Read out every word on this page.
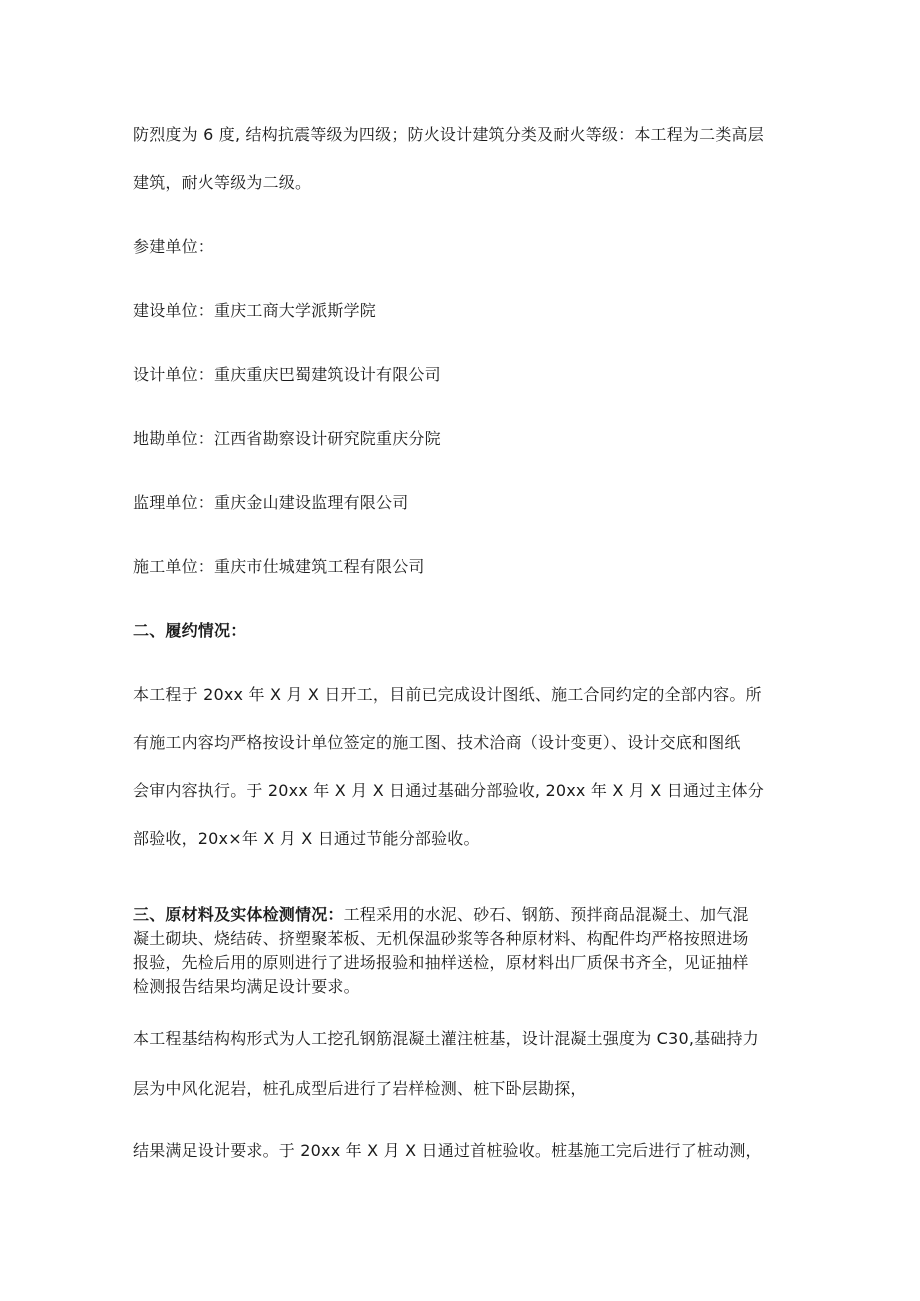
防烈度为 6 度, 结构抗震等级为四级；防火设计建筑分类及耐火等级：本工程为二类高层
建筑，耐火等级为二级。
参建单位：
建设单位：重庆工商大学派斯学院
设计单位：重庆重庆巴蜀建筑设计有限公司
地勘单位：江西省勘察设计研究院重庆分院
监理单位：重庆金山建设监理有限公司
施工单位：重庆市仕城建筑工程有限公司
二、履约情况：
本工程于 20xx 年 X 月 X 日开工，目前已完成设计图纸、施工合同约定的全部内容。所
有施工内容均严格按设计单位签定的施工图、技术洽商（设计变更）、设计交底和图纸
会审内容执行。于 20xx 年 X 月 X 日通过基础分部验收, 20xx 年 X 月 X 日通过主体分
部验收，20x×年 X 月 X 日通过节能分部验收。
三、原材料及实体检测情况：工程采用的水泥、砂石、钢筋、预拌商品混凝土、加气混
凝土砌块、烧结砖、挤塑聚苯板、无机保温砂浆等各种原材料、构配件均严格按照进场
报验，先检后用的原则进行了进场报验和抽样送检，原材料出厂质保书齐全，见证抽样
检测报告结果均满足设计要求。
本工程基结构构形式为人工挖孔钢筋混凝土灌注桩基，设计混凝土强度为 C30,基础持力
层为中风化泥岩，桩孔成型后进行了岩样检测、桩下卧层勘探，
结果满足设计要求。于 20xx 年 X 月 X 日通过首桩验收。桩基施工完后进行了桩动测，
